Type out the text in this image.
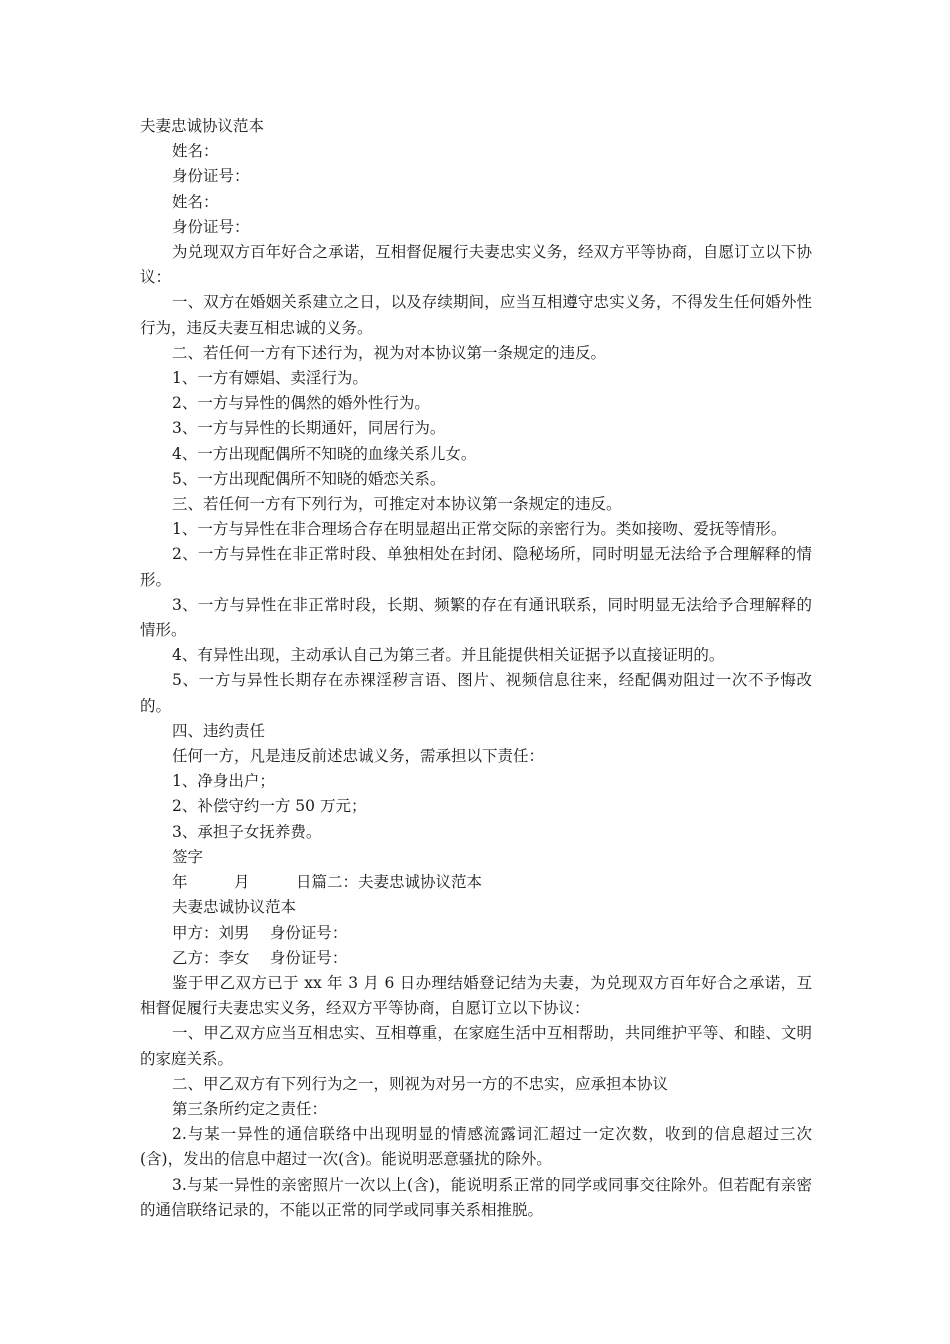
夫妻忠诚协议范本

姓名：

身份证号：

姓名：

身份证号：

为兑现双方百年好合之承诺，互相督促履行夫妻忠实义务，经双方平等协商，自愿订立以下协议：

一、双方在婚姻关系建立之日，以及存续期间，应当互相遵守忠实义务，不得发生任何婚外性行为，违反夫妻互相忠诚的义务。

二、若任何一方有下述行为，视为对本协议第一条规定的违反。

1、一方有嫖娼、卖淫行为。

2、一方与异性的偶然的婚外性行为。

3、一方与异性的长期通奸，同居行为。

4、一方出现配偶所不知晓的血缘关系儿女。

5、一方出现配偶所不知晓的婚恋关系。

三、若任何一方有下列行为，可推定对本协议第一条规定的违反。

1、一方与异性在非合理场合存在明显超出正常交际的亲密行为。类如接吻、爱抚等情形。

2、一方与异性在非正常时段、单独相处在封闭、隐秘场所，同时明显无法给予合理解释的情形。

3、一方与异性在非正常时段，长期、频繁的存在有通讯联系，同时明显无法给予合理解释的情形。

4、有异性出现，主动承认自己为第三者。并且能提供相关证据予以直接证明的。

5、一方与异性长期存在赤裸淫秽言语、图片、视频信息往来，经配偶劝阻过一次不予悔改的。

四、违约责任

任何一方，凡是违反前述忠诚义务，需承担以下责任：

1、净身出户；

2、补偿守约一方 50 万元；

3、承担子女抚养费。

签字

年　　　月　　　日篇二：夫妻忠诚协议范本

夫妻忠诚协议范本

甲方：刘男　 身份证号：

乙方：李女　 身份证号：

鉴于甲乙双方已于 xx 年 3 月 6 日办理结婚登记结为夫妻，为兑现双方百年好合之承诺，互相督促履行夫妻忠实义务，经双方平等协商，自愿订立以下协议：

一、甲乙双方应当互相忠实、互相尊重，在家庭生活中互相帮助，共同维护平等、和睦、文明的家庭关系。

二、甲乙双方有下列行为之一，则视为对另一方的不忠实，应承担本协议

第三条所约定之责任：

2.与某一异性的通信联络中出现明显的情感流露词汇超过一定次数，收到的信息超过三次(含)，发出的信息中超过一次(含)。能说明恶意骚扰的除外。

3.与某一异性的亲密照片一次以上(含)，能说明系正常的同学或同事交往除外。但若配有亲密的通信联络记录的，不能以正常的同学或同事关系相推脱。
